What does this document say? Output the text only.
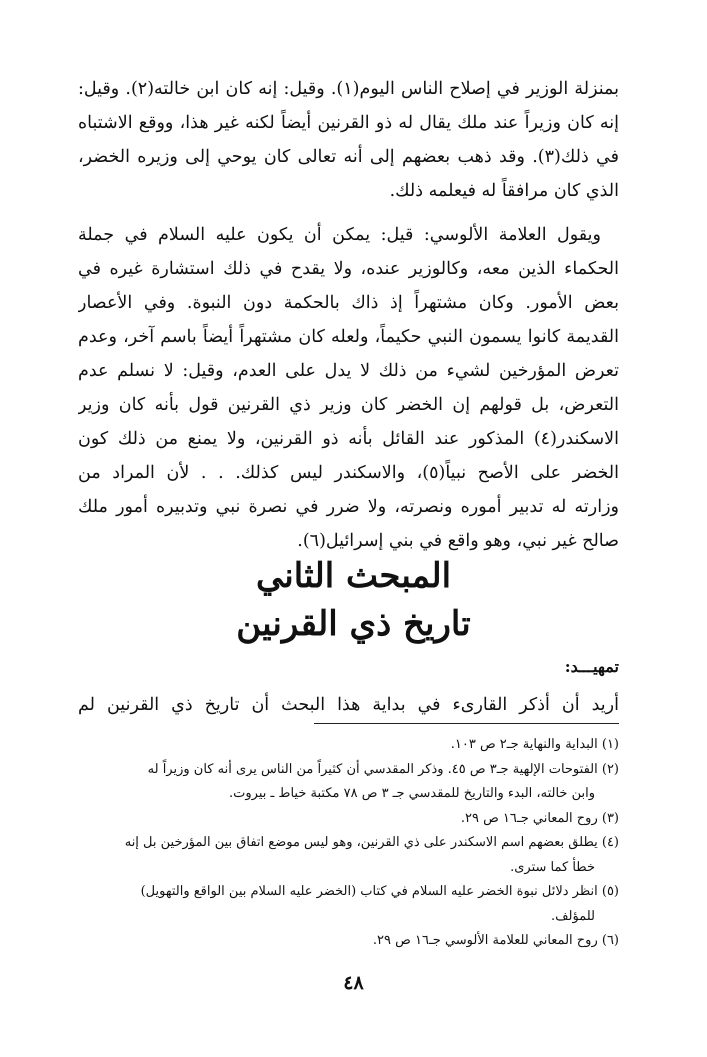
بمنزلة الوزير في إصلاح الناس اليوم(١). وقيل: إنه كان ابن خالته(٢). وقيل:
إنه كان وزيراً عند ملك يقال له ذو القرنين أيضاً لكنه غير هذا، ووقع الاشتباه
في ذلك(٣). وقد ذهب بعضهم إلى أنه تعالى كان يوحي إلى وزيره الخضر،
الذي كان مرافقاً له فيعلمه ذلك.
ويقول العلامة الألوسي: قيل: يمكن أن يكون عليه السلام في جملة
الحكماء الذين معه، وكالوزير عنده، ولا يقدح في ذلك استشارة غيره في
بعض الأمور. وكان مشتهراً إذ ذاك بالحكمة دون النبوة. وفي الأعصار
القديمة كانوا يسمون النبي حكيماً، ولعله كان مشتهراً أيضاً باسم آخر، وعدم
تعرض المؤرخين لشيء من ذلك لا يدل على العدم، وقيل: لا نسلم عدم
التعرض، بل قولهم إن الخضر كان وزير ذي القرنين قول بأنه كان وزير
الاسكندر(٤) المذكور عند القائل بأنه ذو القرنين، ولا يمنع من ذلك كون
الخضر على الأصح نبياً(٥)، والاسكندر ليس كذلك. . . لأن المراد من
وزارته له تدبير أموره ونصرته، ولا ضرر في نصرة نبي وتدبيره أمور ملك
صالح غير نبي، وهو واقع في بني إسرائيل(٦).
المبحث الثاني
تاريخ ذي القرنين
تمهيـــد:
أريد أن أذكر القارىء في بداية هذا البحث أن تاريخ ذي القرنين لم
(١) البداية والنهاية جـ٢ ص ١٠٣.
(٢) الفتوحات الإلهية جـ٣ ص ٤٥. وذكر المقدسي أن كثيراً من الناس يرى أنه كان وزيراً له
وابن خالته، البدء والتاريخ للمقدسي جـ ٣ ص ٧٨ مكتبة خياط ـ بيروت.
(٣) روح المعاني جـ١٦ ص ٢٩.
(٤) يطلق بعضهم اسم الاسكندر على ذي القرنين، وهو ليس موضع اتفاق بين المؤرخين بل إنه
خطأ كما سترى.
(٥) انظر دلائل نبوة الخضر عليه السلام في كتاب (الخضر عليه السلام بين الواقع والتهويل)
للمؤلف.
(٦) روح المعاني للعلامة الألوسي جـ١٦ ص ٢٩.
٤٨
